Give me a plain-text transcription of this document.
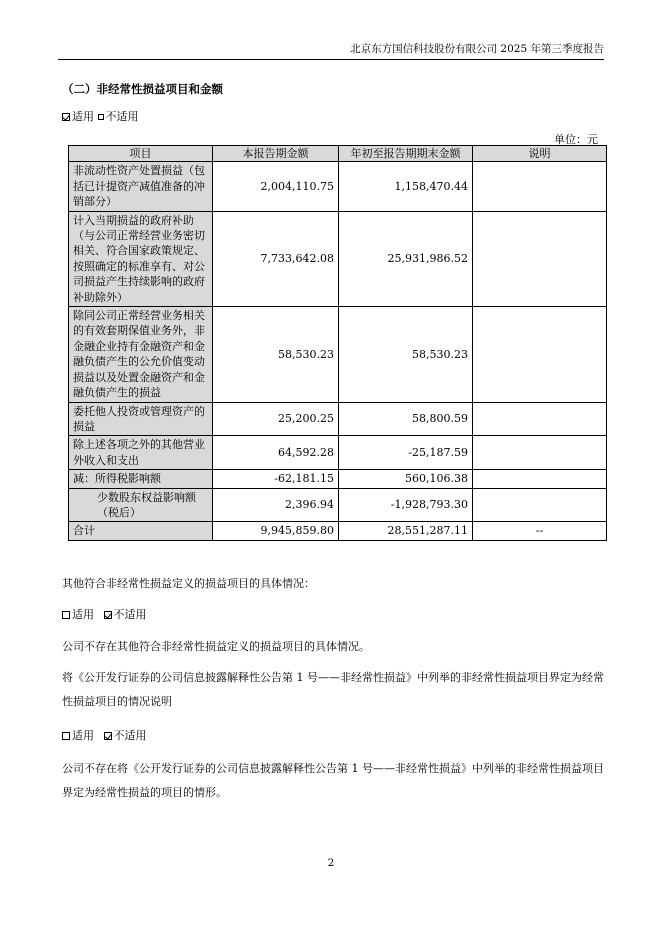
北京东方国信科技股份有限公司 2025 年第三季度报告
（二）非经常性损益项目和金额
适用 不适用
单位：元
项目	本报告期金额	年初至报告期期末金额	说明
非流动性资产处置损益（包括已计提资产减值准备的冲销部分）	2,004,110.75	1,158,470.44	
计入当期损益的政府补助（与公司正常经营业务密切相关、符合国家政策规定、按照确定的标准享有、对公司损益产生持续影响的政府补助除外）	7,733,642.08	25,931,986.52	
除同公司正常经营业务相关的有效套期保值业务外，非金融企业持有金融资产和金融负债产生的公允价值变动损益以及处置金融资产和金融负债产生的损益	58,530.23	58,530.23	
委托他人投资或管理资产的损益	25,200.25	58,800.59	
除上述各项之外的其他营业外收入和支出	64,592.28	-25,187.59	
减：所得税影响额	-62,181.15	560,106.38	
少数股东权益影响额（税后）	2,396.94	-1,928,793.30	
合计	9,945,859.80	28,551,287.11	--
其他符合非经常性损益定义的损益项目的具体情况：
适用 不适用
公司不存在其他符合非经常性损益定义的损益项目的具体情况。
将《公开发行证券的公司信息披露解释性公告第 1 号——非经常性损益》中列举的非经常性损益项目界定为经常性损益项目的情况说明
适用 不适用
公司不存在将《公开发行证券的公司信息披露解释性公告第 1 号——非经常性损益》中列举的非经常性损益项目界定为经常性损益的项目的情形。
2
